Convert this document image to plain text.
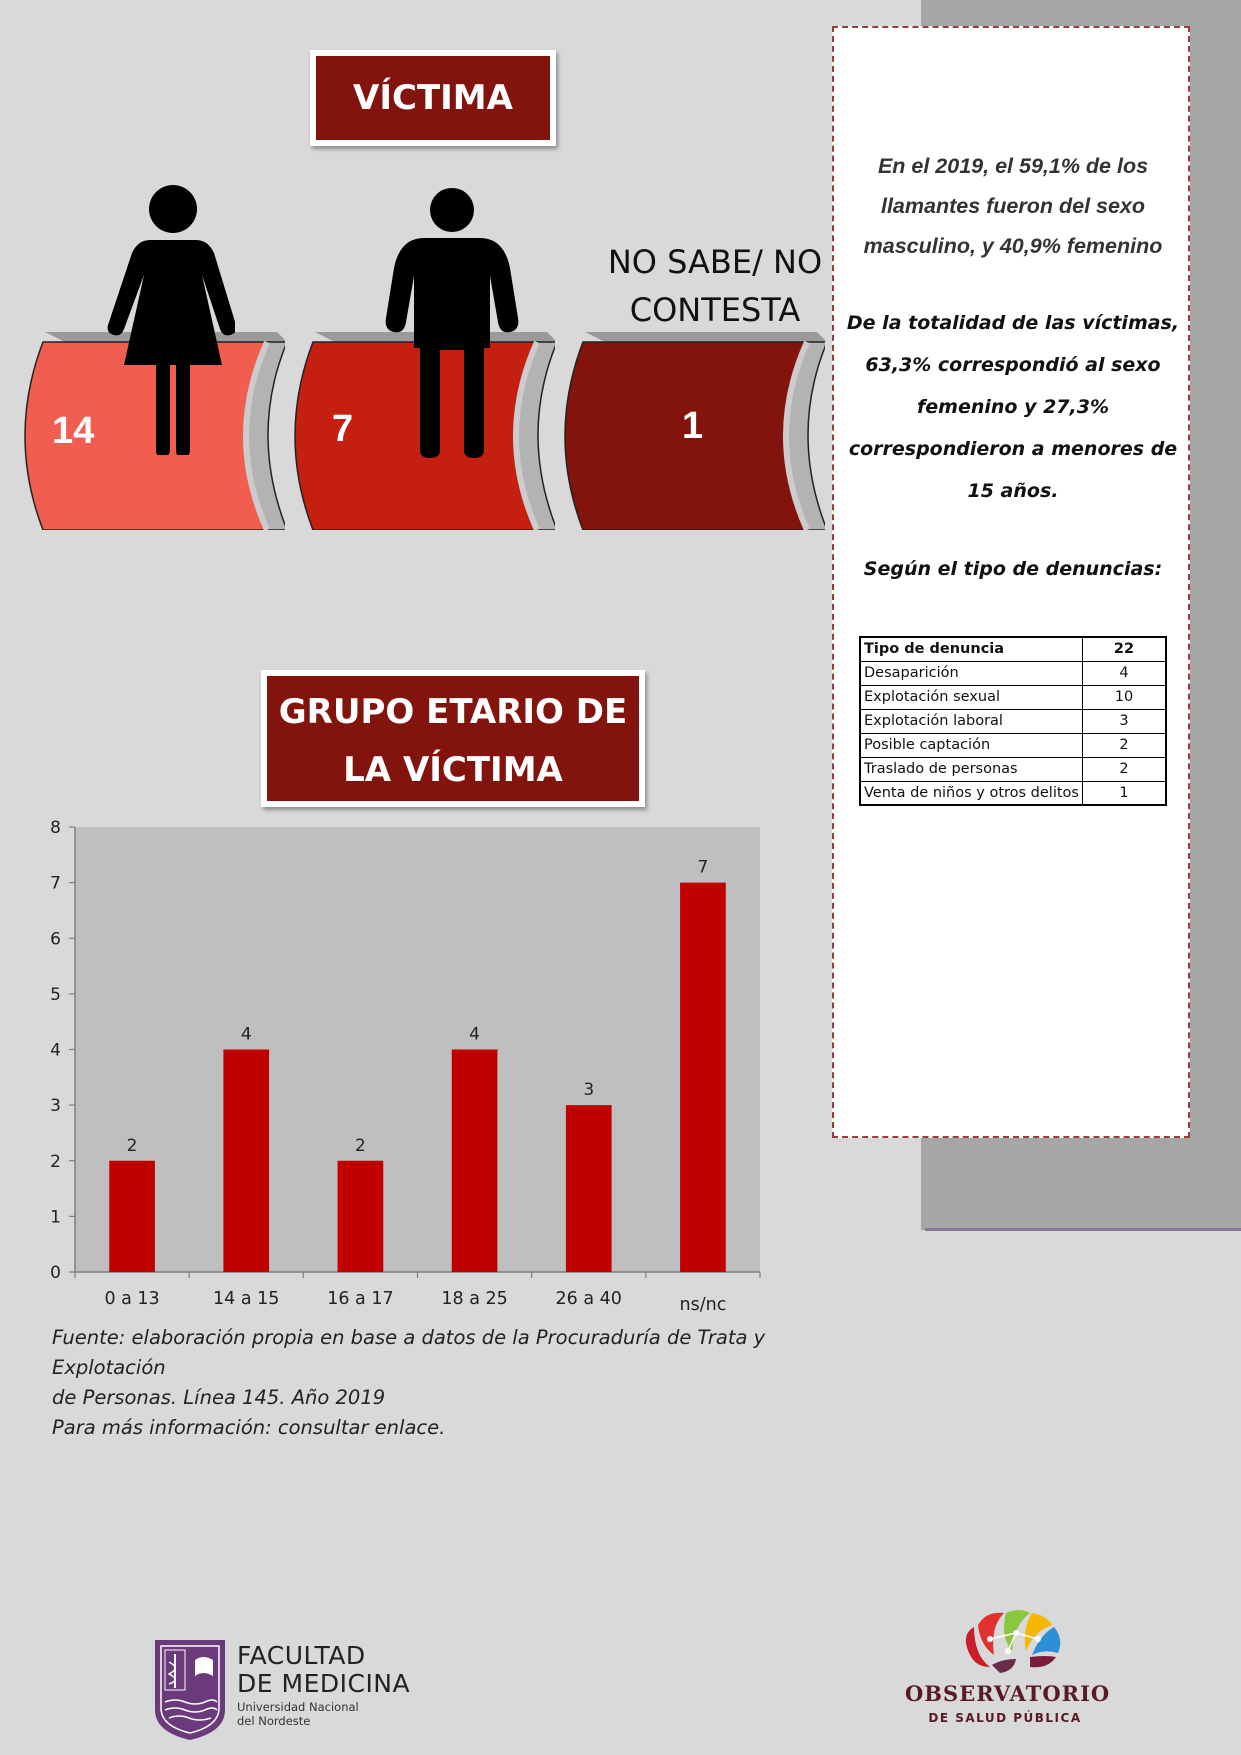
VÍCTIMA
14	7	1
NO SABE/ NO CONTESTA
En el 2019, el 59,1% de los llamantes fueron del sexo masculino, y 40,9% femenino
De la totalidad de las víctimas, 63,3% correspondió al sexo femenino y 27,3% correspondieron a menores de 15 años.
Según el tipo de denuncias:
Tipo de denuncia	22
Desaparición	4
Explotación sexual	10
Explotación laboral	3
Posible captación	2
Traslado de personas	2
Venta de niños y otros delitos	1
GRUPO ETARIO DE
LA VÍCTIMA
0
1
2
3
4
5
6
7
8
2
0 a 13
4
14 a 15
2
16 a 17
4
18 a 25
3
26 a 40
7
ns/nc
Fuente: elaboración propia en base a datos de la Procuraduría de Trata y Explotación
de Personas. Línea 145. Año 2019
Para más información: consultar enlace.
FACULTAD
DE MEDICINA
Universidad Nacional
del Nordeste
OBSERVATORIO
DE SALUD PÚBLICA
